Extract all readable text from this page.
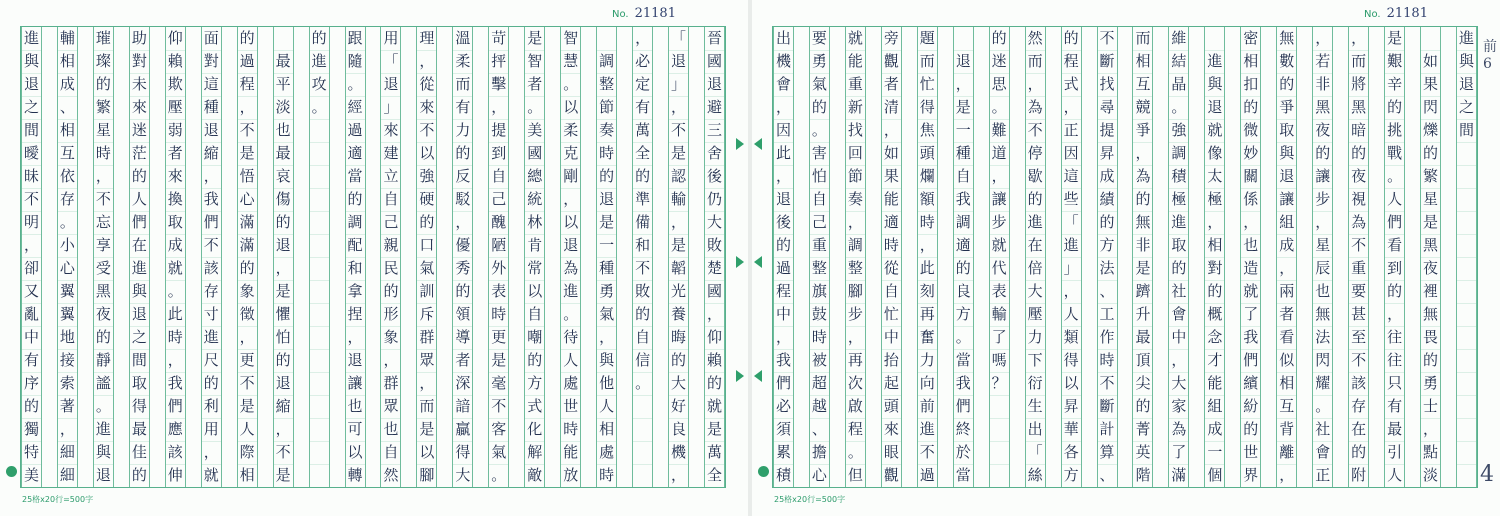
No. 21181
晉
國
退
避
三
舍
後
仍
大
敗
楚
國
，
仰
賴
的
就
是
萬
全
「
退
」
，
不
是
認
輸
，
是
韜
光
養
晦
的
大
好
良
機
，
，
必
定
有
萬
全
的
準
備
和
不
敗
的
自
信
。

調
整
節
奏
時
的
退
是
一
種
勇
氣
，
與
他
人
相
處
時
智
慧
。
以
柔
克
剛
，
以
退
為
進
。
待
人
處
世
時
能
放
是
智
者
。
美
國
總
統
林
肯
常
以
自
嘲
的
方
式
化
解
敵
苛
抨
擊
，
提
到
自
己
醜
陋
外
表
時
更
是
毫
不
客
氣
。
溫
柔
而
有
力
的
反
駁
，
優
秀
的
領
導
者
深
諳
贏
得
大
理
，
從
來
不
以
強
硬
的
口
氣
訓
斥
群
眾
，
而
是
以
腳
用
「
退
」
來
建
立
自
己
親
民
的
形
象
，
群
眾
也
自
然
跟
隨
。
經
過
適
當
的
調
配
和
拿
捏
，
退
讓
也
可
以
轉
的
進
攻
。

最
平
淡
也
最
哀
傷
的
退
，
是
懼
怕
的
退
縮
，
不
是
的
過
程
，
不
是
悟
心
滿
滿
的
象
徵
，
更
不
是
人
際
相
面
對
這
種
退
縮
，
我
們
不
該
存
寸
進
尺
的
利
用
，
就
仰
賴
欺
壓
弱
者
來
換
取
成
就
。
此
時
，
我
們
應
該
伸
助
對
未
來
迷
茫
的
人
們
在
進
與
退
之
間
取
得
最
佳
的
璀
璨
的
繁
星
時
，
不
忘
享
受
黑
夜
的
靜
謐
。
進
與
退
輔
相
成
、
相
互
依
存
。
小
心
翼
翼
地
接
索
著
，
細
細
進
與
退
之
間
曖
昧
不
明
，
卻
又
亂
中
有
序
的
獨
特
美
25格x20行=500字
No. 21181
進
與
退
之
間

如
果
閃
爍
的
繁
星
是
黑
夜
裡
無
畏
的
勇
士
，
點
淡
是
艱
辛
的
挑
戰
。
人
們
看
到
的
，
往
往
只
有
最
引
人
，
而
將
黑
暗
的
夜
視
為
不
重
要
甚
至
不
該
存
在
的
附
，
若
非
黑
夜
的
讓
步
，
星
辰
也
無
法
閃
耀
。
社
會
正
無
數
的
爭
取
與
退
讓
組
成
，
兩
者
看
似
相
互
背
離
，
密
相
扣
的
微
妙
關
係
，
也
造
就
了
我
們
繽
紛
的
世
界

進
與
退
就
像
太
極
，
相
對
的
概
念
才
能
組
成
一
個
維
結
晶
。
強
調
積
極
進
取
的
社
會
中
，
大
家
為
了
滿
而
相
互
競
爭
，
為
的
無
非
是
躋
升
最
頂
尖
的
菁
英
階
不
斷
找
尋
提
昇
成
績
的
方
法
、
工
作
時
不
斷
計
算
、
的
程
式
，
正
因
這
些
「
進
」
，
人
類
得
以
昇
華
各
方
然
而
，
為
不
停
歇
的
進
在
倍
大
壓
力
下
衍
生
出
「
絲
的
迷
思
。
難
道
，
讓
步
就
代
表
輸
了
嗎
？

退
，
是
一
種
自
我
調
適
的
良
方
。
當
我
們
終
於
當
題
而
忙
得
焦
頭
爛
額
時
，
此
刻
再
奮
力
向
前
進
不
過
旁
觀
者
清
，
如
果
能
適
時
從
自
忙
中
抬
起
頭
來
眼
觀
就
能
重
新
找
回
節
奏
，
調
整
腳
步
，
再
次
啟
程
。
但
要
勇
氣
的
。
害
怕
自
己
重
整
旗
鼓
時
被
超
越
、
擔
心
出
機
會
，
因
此
，
退
後
的
過
程
中
，
我
們
必
須
累
積
25格x20行=500字
前6
4
